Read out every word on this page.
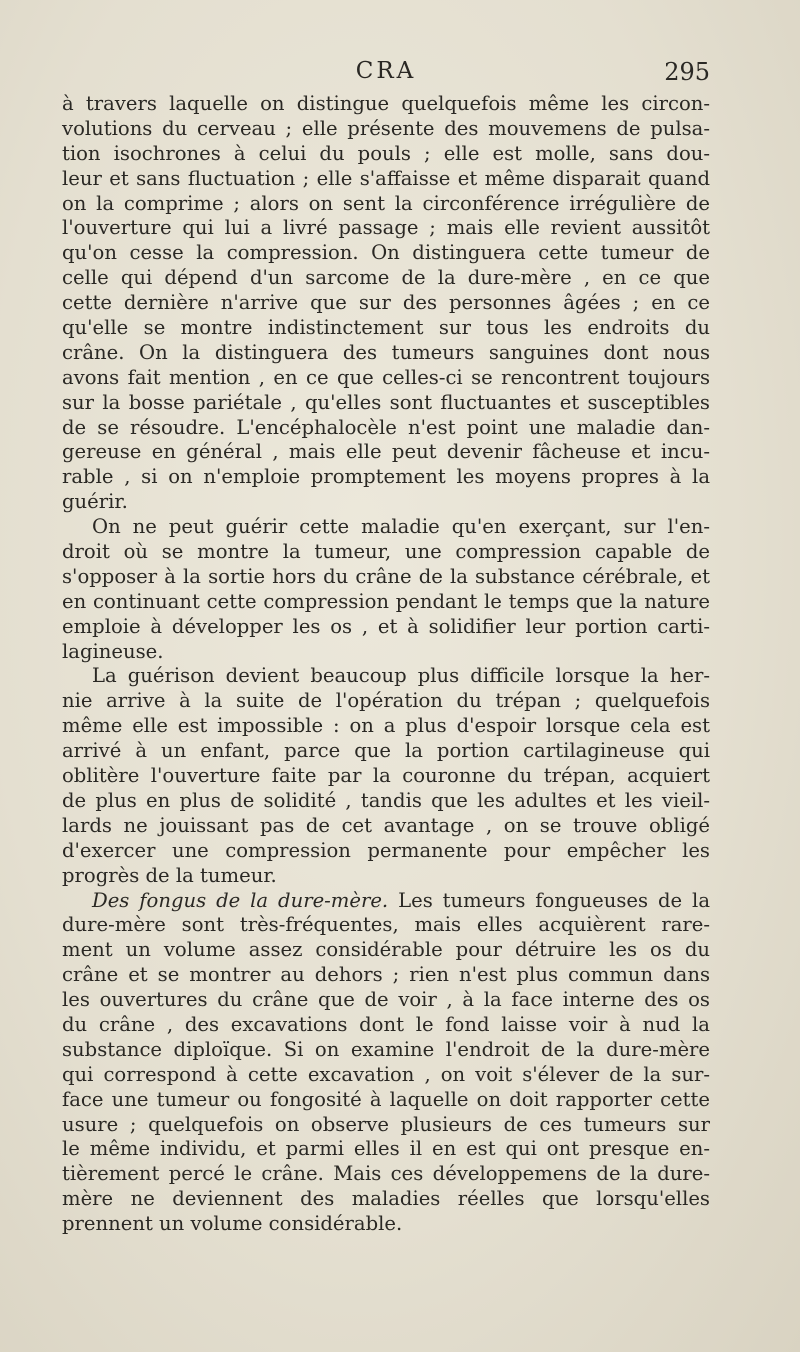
CRA	295
à travers laquelle on distingue quelquefois même les circon-
volutions du cerveau ; elle présente des mouvemens de pulsa-
tion isochrones à celui du pouls ; elle est molle, sans dou-
leur et sans fluctuation ; elle s'affaisse et même disparait quand
on la comprime ; alors on sent la circonférence irrégulière de
l'ouverture qui lui a livré passage ; mais elle revient aussitôt
qu'on cesse la compression. On distinguera cette tumeur de
celle qui dépend d'un sarcome de la dure-mère , en ce que
cette dernière n'arrive que sur des personnes âgées ; en ce
qu'elle se montre indistinctement sur tous les endroits du
crâne. On la distinguera des tumeurs sanguines dont nous
avons fait mention , en ce que celles-ci se rencontrent toujours
sur la bosse pariétale , qu'elles sont fluctuantes et susceptibles
de se résoudre. L'encéphalocèle n'est point une maladie dan-
gereuse en général , mais elle peut devenir fâcheuse et incu-
rable , si on n'emploie promptement les moyens propres à la
guérir.
On ne peut guérir cette maladie qu'en exerçant, sur l'en-
droit où se montre la tumeur, une compression capable de
s'opposer à la sortie hors du crâne de la substance cérébrale, et
en continuant cette compression pendant le temps que la nature
emploie à développer les os , et à solidifier leur portion carti-
lagineuse.
La guérison devient beaucoup plus difficile lorsque la her-
nie arrive à la suite de l'opération du trépan ; quelquefois
même elle est impossible : on a plus d'espoir lorsque cela est
arrivé à un enfant, parce que la portion cartilagineuse qui
oblitère l'ouverture faite par la couronne du trépan, acquiert
de plus en plus de solidité , tandis que les adultes et les vieil-
lards ne jouissant pas de cet avantage , on se trouve obligé
d'exercer une compression permanente pour empêcher les
progrès de la tumeur.
Des fongus de la dure-mère. Les tumeurs fongueuses de la
dure-mère sont très-fréquentes, mais elles acquièrent rare-
ment un volume assez considérable pour détruire les os du
crâne et se montrer au dehors ; rien n'est plus commun dans
les ouvertures du crâne que de voir , à la face interne des os
du crâne , des excavations dont le fond laisse voir à nud la
substance diploïque. Si on examine l'endroit de la dure-mère
qui correspond à cette excavation , on voit s'élever de la sur-
face une tumeur ou fongosité à laquelle on doit rapporter cette
usure ; quelquefois on observe plusieurs de ces tumeurs sur
le même individu, et parmi elles il en est qui ont presque en-
tièrement percé le crâne. Mais ces développemens de la dure-
mère ne deviennent des maladies réelles que lorsqu'elles
prennent un volume considérable.
